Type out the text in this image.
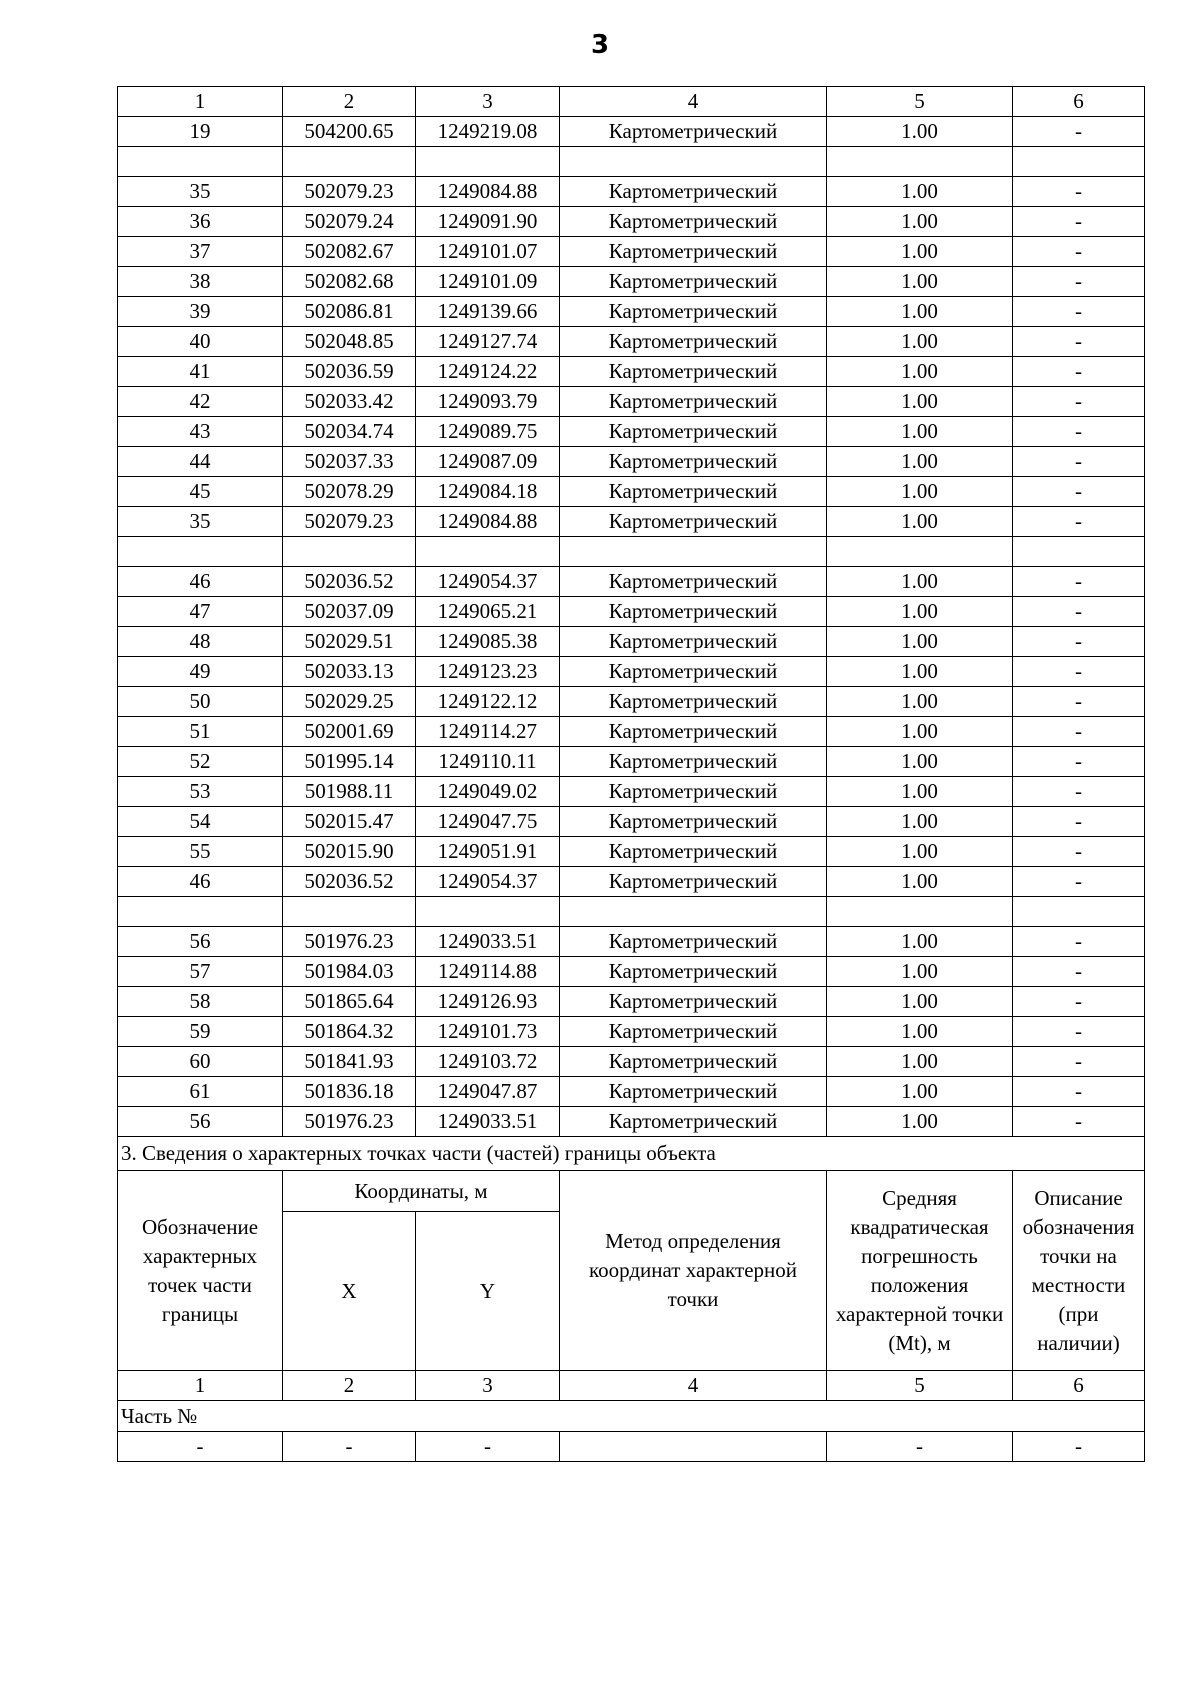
3
1	2	3	4	5	6
19	504200.65	1249219.08	Картометрический	1.00	-

35	502079.23	1249084.88	Картометрический	1.00	-
36	502079.24	1249091.90	Картометрический	1.00	-
37	502082.67	1249101.07	Картометрический	1.00	-
38	502082.68	1249101.09	Картометрический	1.00	-
39	502086.81	1249139.66	Картометрический	1.00	-
40	502048.85	1249127.74	Картометрический	1.00	-
41	502036.59	1249124.22	Картометрический	1.00	-
42	502033.42	1249093.79	Картометрический	1.00	-
43	502034.74	1249089.75	Картометрический	1.00	-
44	502037.33	1249087.09	Картометрический	1.00	-
45	502078.29	1249084.18	Картометрический	1.00	-
35	502079.23	1249084.88	Картометрический	1.00	-

46	502036.52	1249054.37	Картометрический	1.00	-
47	502037.09	1249065.21	Картометрический	1.00	-
48	502029.51	1249085.38	Картометрический	1.00	-
49	502033.13	1249123.23	Картометрический	1.00	-
50	502029.25	1249122.12	Картометрический	1.00	-
51	502001.69	1249114.27	Картометрический	1.00	-
52	501995.14	1249110.11	Картометрический	1.00	-
53	501988.11	1249049.02	Картометрический	1.00	-
54	502015.47	1249047.75	Картометрический	1.00	-
55	502015.90	1249051.91	Картометрический	1.00	-
46	502036.52	1249054.37	Картометрический	1.00	-

56	501976.23	1249033.51	Картометрический	1.00	-
57	501984.03	1249114.88	Картометрический	1.00	-
58	501865.64	1249126.93	Картометрический	1.00	-
59	501864.32	1249101.73	Картометрический	1.00	-
60	501841.93	1249103.72	Картометрический	1.00	-
61	501836.18	1249047.87	Картометрический	1.00	-
56	501976.23	1249033.51	Картометрический	1.00	-
3. Сведения о характерных точках части (частей) границы объекта					
Обозначение характерных точек части границы	Координаты, м		Метод определения координат характерной точки	Средняя квадратическая погрешность положения характерной точки (Mt), м	Описание обозначения точки на местности (при наличии)
	X	Y			
1	2	3	4	5	6
Часть №					
-	-	-		-	-
